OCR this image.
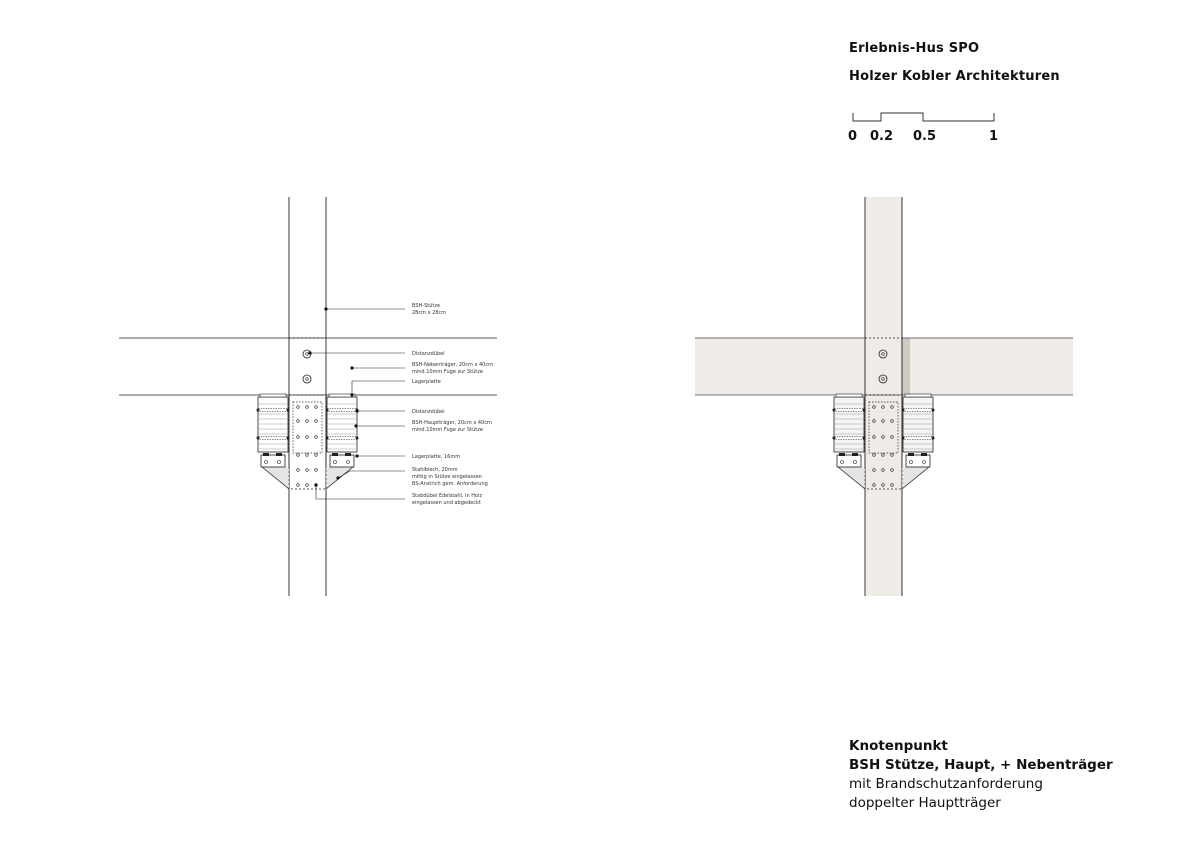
Erlebnis-Hus SPO
Holzer Kobler Architekturen
0 0.2 0.5	1
BSH-Stütze
28cm x 28cm
Distanzdübel
BSH-Nebenträger, 20cm x 40cm
mind.10mm Fuge zur Stütze
Lagerplatte
Distanzdübel
BSH-Hauptträger, 20cm x 40cm
mind.10mm Fuge zur Stütze
Lagerplatte, 16mm
Stahlblech, 20mm
mittig in Stütze eingelassen
BS-Anstrich gem. Anforderung
Stabdübel Edelstahl, in Holz
eingelassen und abgedeckt
Knotenpunkt
BSH Stütze, Haupt, + Nebenträger
mit Brandschutzanforderung
doppelter Hauptträger
